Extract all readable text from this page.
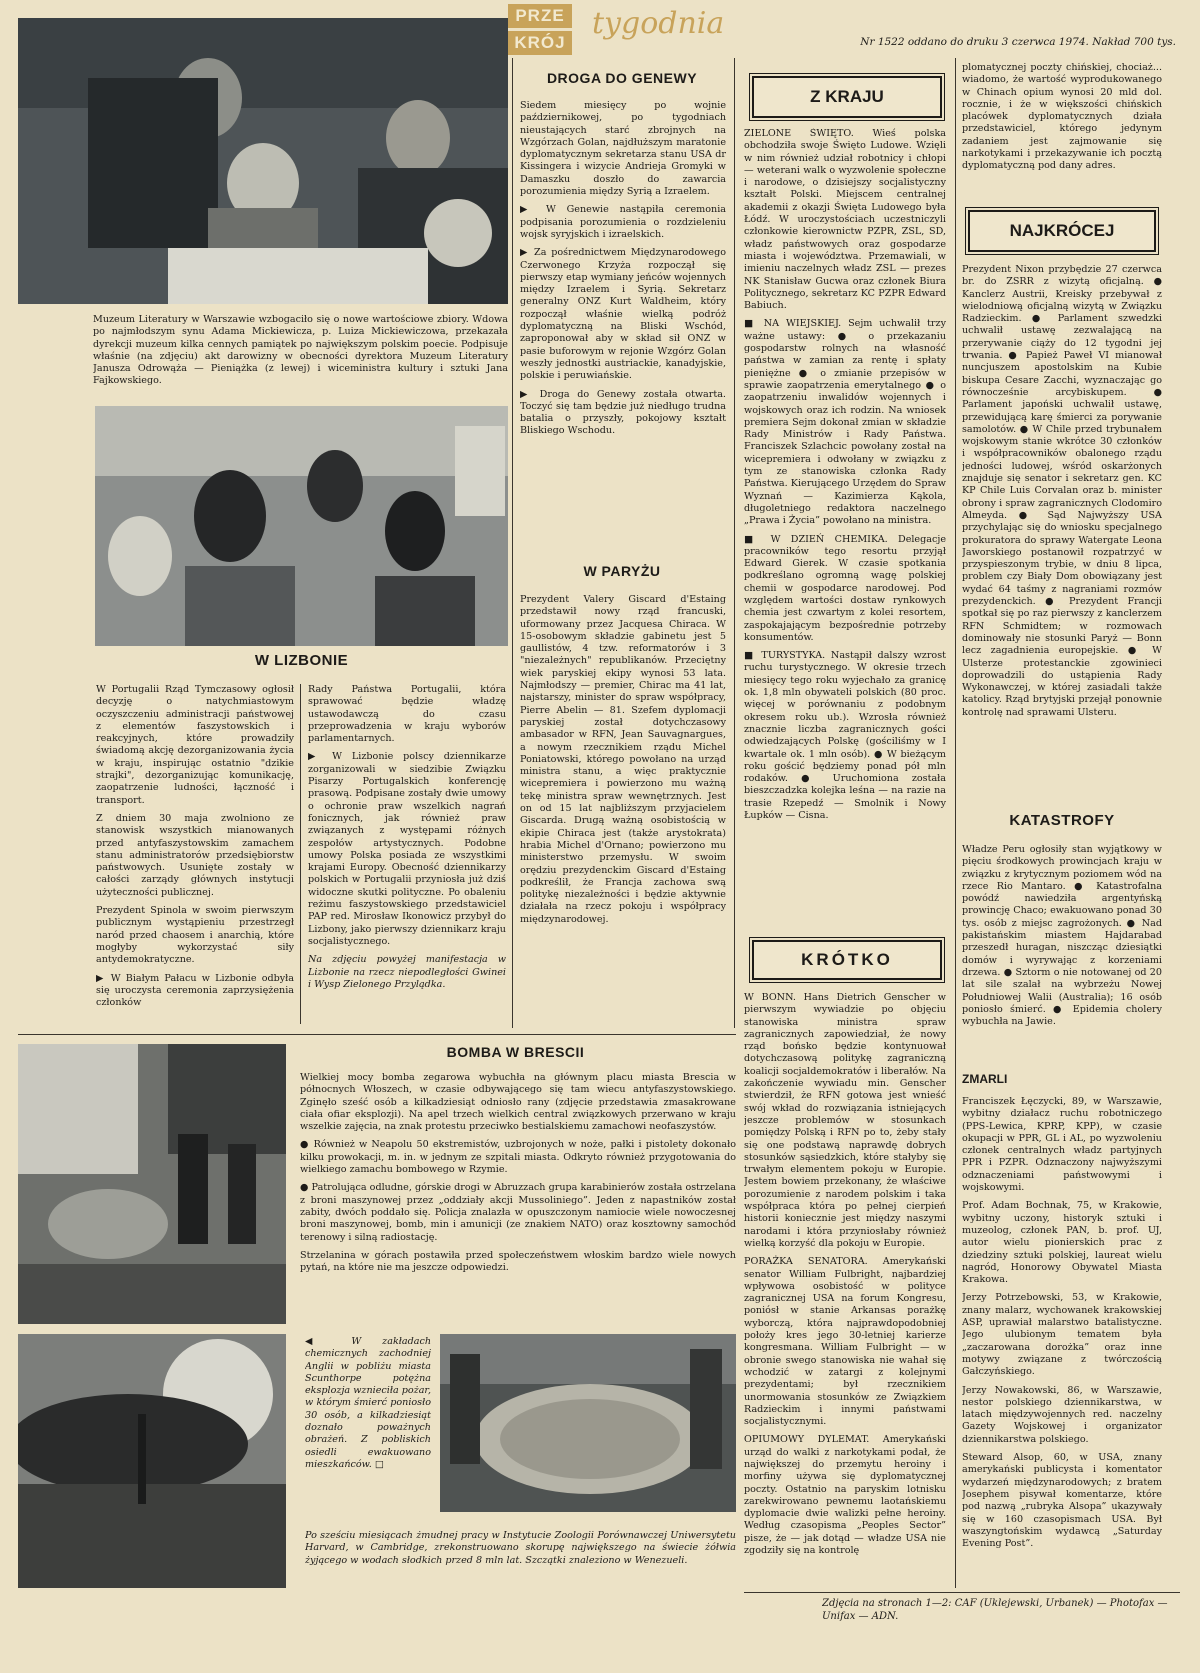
PRZE
KRÓJ
tygodnia
Nr 1522 oddano do druku 3 czerwca 1974. Nakład 700 tys.
Muzeum Literatury w Warszawie wzbogaciło się o nowe wartościowe zbiory. Wdowa po najmłodszym synu Adama Mickiewicza, p. Luiza Mickiewiczowa, przekazała dyrekcji muzeum kilka cennych pamiątek po największym polskim poecie. Podpisuje właśnie (na zdjęciu) akt darowizny w obecności dyrektora Muzeum Literatury Janusza Odrowąża — Pieniążka (z lewej) i wiceministra kultury i sztuki Jana Fajkowskiego.
W LIZBONIE

W Portugalii Rząd Tymczasowy ogłosił decyzję o natychmiastowym oczyszczeniu administracji państwowej z elementów faszystowskich i reakcyjnych, które prowadziły świadomą akcję dezorganizowania życia w kraju, inspirując ostatnio "dzikie strajki", dezorganizując komunikację, zaopatrzenie ludności, łączność i transport.

Z dniem 30 maja zwolniono ze stanowisk wszystkich mianowanych przed antyfaszystowskim zamachem stanu administratorów przedsiębiorstw państwowych. Usunięte zostały w całości zarządy głównych instytucji użyteczności publicznej.

Prezydent Spinola w swoim pierwszym publicznym wystąpieniu przestrzegł naród przed chaosem i anarchią, które mogłyby wykorzystać siły antydemokratyczne.

▶ W Białym Pałacu w Lizbonie odbyła się uroczysta ceremonia zaprzysiężenia członków

Rady Państwa Portugalii, która sprawować będzie władzę ustawodawczą do czasu przeprowadzenia w kraju wyborów parlamentarnych.

▶ W Lizbonie polscy dziennikarze zorganizowali w siedzibie Związku Pisarzy Portugalskich konferencję prasową. Podpisane zostały dwie umowy o ochronie praw wszelkich nagrań fonicznych, jak również praw związanych z występami różnych zespołów artystycznych. Podobne umowy Polska posiada ze wszystkimi krajami Europy. Obecność dziennikarzy polskich w Portugalii przyniosła już dziś widoczne skutki polityczne. Po obaleniu reżimu faszystowskiego przedstawiciel PAP red. Mirosław Ikonowicz przybył do Lizbony, jako pierwszy dziennikarz kraju socjalistycznego.

Na zdjęciu powyżej manifestacja w Lizbonie na rzecz niepodległości Gwinei i Wysp Zielonego Przylądka.

DROGA DO GENEWY

Siedem miesięcy po wojnie październikowej, po tygodniach nieustających starć zbrojnych na Wzgórzach Golan, najdłuższym maratonie dyplomatycznym sekretarza stanu USA dr Kissingera i wizycie Andrieja Gromyki w Damaszku doszło do zawarcia porozumienia między Syrią a Izraelem.

▶ W Genewie nastąpiła ceremonia podpisania porozumienia o rozdzieleniu wojsk syryjskich i izraelskich.

▶ Za pośrednictwem Międzynarodowego Czerwonego Krzyża rozpoczął się pierwszy etap wymiany jeńców wojennych między Izraelem i Syrią. Sekretarz generalny ONZ Kurt Waldheim, który rozpoczął właśnie wielką podróż dyplomatyczną na Bliski Wschód, zaproponował aby w skład sił ONZ w pasie buforowym w rejonie Wzgórz Golan weszły jednostki austriackie, kanadyjskie, polskie i peruwiańskie.

▶ Droga do Genewy została otwarta. Toczyć się tam będzie już niedługo trudna batalia o przyszły, pokojowy kształt Bliskiego Wschodu.

W PARYŻU
Prezydent Valery Giscard d'Estaing przedstawił nowy rząd francuski, uformowany przez Jacquesa Chiraca. W 15-osobowym składzie gabinetu jest 5 gaullistów, 4 tzw. reformatorów i 3 "niezależnych" republikanów. Przeciętny wiek paryskiej ekipy wynosi 53 lata. Najmłodszy — premier, Chirac ma 41 lat, najstarszy, minister do spraw współpracy, Pierre Abelin — 81. Szefem dyplomacji paryskiej został dotychczasowy ambasador w RFN, Jean Sauvagnargues, a nowym rzecznikiem rządu Michel Poniatowski, którego powołano na urząd ministra stanu, a więc praktycznie wicepremiera i powierzono mu ważną tekę ministra spraw wewnętrznych. Jest on od 15 lat najbliższym przyjacielem Giscarda. Drugą ważną osobistością w ekipie Chiraca jest (także arystokrata) hrabia Michel d'Ornano; powierzono mu ministerstwo przemysłu. W swoim orędziu prezydenckim Giscard d'Estaing podkreślił, że Francja zachowa swą politykę niezależności i będzie aktywnie działała na rzecz pokoju i współpracy międzynarodowej.
Z KRAJU

ZIELONE ŚWIĘTO. Wieś polska obchodziła swoje Święto Ludowe. Wzięli w nim również udział robotnicy i chłopi — weterani walk o wyzwolenie społeczne i narodowe, o dzisiejszy socjalistyczny kształt Polski. Miejscem centralnej akademii z okazji Święta Ludowego była Łódź. W uroczystościach uczestniczyli członkowie kierownictw PZPR, ZSL, SD, władz państwowych oraz gospodarze miasta i województwa. Przemawiali, w imieniu naczelnych władz ZSL — prezes NK Stanisław Gucwa oraz członek Biura Politycznego, sekretarz KC PZPR Edward Babiuch.

■ NA WIEJSKIEJ. Sejm uchwalił trzy ważne ustawy: ● o przekazaniu gospodarstw rolnych na własność państwa w zamian za rentę i spłaty pieniężne ● o zmianie przepisów w sprawie zaopatrzenia emerytalnego ● o zaopatrzeniu inwalidów wojennych i wojskowych oraz ich rodzin. Na wniosek premiera Sejm dokonał zmian w składzie Rady Ministrów i Rady Państwa. Franciszek Szlachcic powołany został na wicepremiera i odwołany w związku z tym ze stanowiska członka Rady Państwa. Kierującego Urzędem do Spraw Wyznań — Kazimierza Kąkola, długoletniego redaktora naczelnego „Prawa i Życia” powołano na ministra.

■ W DZIEŃ CHEMIKA. Delegacje pracowników tego resortu przyjął Edward Gierek. W czasie spotkania podkreślano ogromną wagę polskiej chemii w gospodarce narodowej. Pod względem wartości dostaw rynkowych chemia jest czwartym z kolei resortem, zaspokajającym bezpośrednie potrzeby konsumentów.

■ TURYSTYKA. Nastąpił dalszy wzrost ruchu turystycznego. W okresie trzech miesięcy tego roku wyjechało za granicę ok. 1,8 mln obywateli polskich (80 proc. więcej w porównaniu z podobnym okresem roku ub.). Wzrosła również znacznie liczba zagranicznych gości odwiedzających Polskę (gościliśmy w I kwartale ok. 1 mln osób). ● W bieżącym roku gościć będziemy ponad pół mln rodaków. ● Uruchomiona została bieszczadzka kolejka leśna — na razie na trasie Rzepedź — Smolnik i Nowy Łupków — Cisna.

KRÓTKO

W BONN. Hans Dietrich Genscher w pierwszym wywiadzie po objęciu stanowiska ministra spraw zagranicznych zapowiedział, że nowy rząd bońsko będzie kontynuował dotychczasową politykę zagraniczną koalicji socjaldemokratów i liberałów. Na zakończenie wywiadu min. Genscher stwierdził, że RFN gotowa jest wnieść swój wkład do rozwiązania istniejących jeszcze problemów w stosunkach pomiędzy Polską i RFN po to, żeby stały się one podstawą naprawdę dobrych stosunków sąsiedzkich, które stałyby się trwałym elementem pokoju w Europie. Jestem bowiem przekonany, że właściwe porozumienie z narodem polskim i taka współpraca która po pełnej cierpień historii koniecznie jest między naszymi narodami i która przyniosłaby również wielką korzyść dla pokoju w Europie.

PORAŻKA SENATORA. Amerykański senator William Fulbright, najbardziej wpływowa osobistość w polityce zagranicznej USA na forum Kongresu, poniósł w stanie Arkansas porażkę wyborczą, która najprawdopodobniej położy kres jego 30-letniej karierze kongresmana. William Fulbright — w obronie swego stanowiska nie wahał się wchodzić w zatargi z kolejnymi prezydentami; był rzecznikiem unormowania stosunków ze Związkiem Radzieckim i innymi państwami socjalistycznymi.

OPIUMOWY DYLEMAT. Amerykański urząd do walki z narkotykami podał, że największej do przemytu heroiny i morfiny używa się dyplomatycznej poczty. Ostatnio na paryskim lotnisku zarekwirowano pewnemu laotańskiemu dyplomacie dwie walizki pełne heroiny. Według czasopisma „Peoples Sector” pisze, że — jak dotąd — władze USA nie zgodziły się na kontrolę

plomatycznej poczty chińskiej, chociaż... wiadomo, że wartość wyprodukowanego w Chinach opium wynosi 20 mld dol. rocznie, i że w większości chińskich placówek dyplomatycznych działa przedstawiciel, którego jedynym zadaniem jest zajmowanie się narkotykami i przekazywanie ich pocztą dyplomatyczną pod dany adres.
NAJKRÓCEJ
Prezydent Nixon przybędzie 27 czerwca br. do ZSRR z wizytą oficjalną. ● Kanclerz Austrii, Kreisky przebywał z wielodniową oficjalną wizytą w Związku Radzieckim. ● Parlament szwedzki uchwalił ustawę zezwalającą na przerywanie ciąży do 12 tygodni jej trwania. ● Papież Paweł VI mianował nuncjuszem apostolskim na Kubie biskupa Cesare Zacchi, wyznaczając go równocześnie arcybiskupem. ● Parlament japoński uchwalił ustawę, przewidującą karę śmierci za porywanie samolotów. ● W Chile przed trybunałem wojskowym stanie wkrótce 30 członków i współpracowników obalonego rządu jedności ludowej, wśród oskarżonych znajduje się senator i sekretarz gen. KC KP Chile Luis Corvalan oraz b. minister obrony i spraw zagranicznych Clodomiro Almeyda. ● Sąd Najwyższy USA przychylając się do wniosku specjalnego prokuratora do sprawy Watergate Leona Jaworskiego postanowił rozpatrzyć w przyspieszonym trybie, w dniu 8 lipca, problem czy Biały Dom obowiązany jest wydać 64 taśmy z nagraniami rozmów prezydenckich. ● Prezydent Francji spotkał się po raz pierwszy z kanclerzem RFN Schmidtem; w rozmowach dominowały nie stosunki Paryż — Bonn lecz zagadnienia europejskie. ● W Ulsterze protestanckie zgowinieci doprowadzili do ustąpienia Rady Wykonawczej, w której zasiadali także katolicy. Rząd brytyjski przejął ponownie kontrolę nad sprawami Ulsteru.
KATASTROFY
Władze Peru ogłosiły stan wyjątkowy w pięciu środkowych prowincjach kraju w związku z krytycznym poziomem wód na rzece Rio Mantaro. ● Katastrofalna powódź nawiedziła argentyńską prowincję Chaco; ewakuowano ponad 30 tys. osób z miejsc zagrożonych. ● Nad pakistańskim miastem Hajdarabad przeszedł huragan, niszcząc dziesiątki domów i wyrywając z korzeniami drzewa. ● Sztorm o nie notowanej od 20 lat sile szalał na wybrzeżu Nowej Południowej Walii (Australia); 16 osób poniosło śmierć. ● Epidemia cholery wybuchła na Jawie.
ZMARLI

Franciszek Łęczycki, 89, w Warszawie, wybitny działacz ruchu robotniczego (PPS-Lewica, KPRP, KPP), w czasie okupacji w PPR, GL i AL, po wyzwoleniu członek centralnych władz partyjnych PPR i PZPR. Odznaczony najwyższymi odznaczeniami państwowymi i wojskowymi.

Prof. Adam Bochnak, 75, w Krakowie, wybitny uczony, historyk sztuki i muzeolog, członek PAN, b. prof. UJ, autor wielu pionierskich prac z dziedziny sztuki polskiej, laureat wielu nagród, Honorowy Obywatel Miasta Krakowa.

Jerzy Potrzebowski, 53, w Krakowie, znany malarz, wychowanek krakowskiej ASP, uprawiał malarstwo batalistyczne. Jego ulubionym tematem była „zaczarowana dorożka” oraz inne motywy związane z twórczością Gałczyńskiego.

Jerzy Nowakowski, 86, w Warszawie, nestor polskiego dziennikarstwa, w latach międzywojennych red. naczelny Gazety Wojskowej i organizator dziennikarstwa polskiego.

Steward Alsop, 60, w USA, znany amerykański publicysta i komentator wydarzeń międzynarodowych; z bratem Josephem pisywał komentarze, które pod nazwą „rubryka Alsopa” ukazywały się w 160 czasopismach USA. Był waszyngtońskim wydawcą „Saturday Evening Post”.

BOMBA W BRESCII

Wielkiej mocy bomba zegarowa wybuchła na głównym placu miasta Brescia w północnych Włoszech, w czasie odbywającego się tam wiecu antyfaszystowskiego. Zginęło sześć osób a kilkadziesiąt odniosło rany (zdjęcie przedstawia zmasakrowane ciała ofiar eksplozji). Na apel trzech wielkich central związkowych przerwano w kraju wszelkie zajęcia, na znak protestu przeciwko bestialskiemu zamachowi neofaszystów.

● Również w Neapolu 50 ekstremistów, uzbrojonych w noże, pałki i pistolety dokonało kilku prowokacji, m. in. w jednym ze szpitali miasta. Odkryto również przygotowania do wielkiego zamachu bombowego w Rzymie.

● Patrolująca odludne, górskie drogi w Abruzzach grupa karabinierów została ostrzelana z broni maszynowej przez „oddziały akcji Mussoliniego”. Jeden z napastników został zabity, dwóch poddało się. Policja znalazła w opuszczonym namiocie wiele nowoczesnej broni maszynowej, bomb, min i amunicji (ze znakiem NATO) oraz kosztowny samochód terenowy i silną radiostację.

Strzelanina w górach postawiła przed społeczeństwem włoskim bardzo wiele nowych pytań, na które nie ma jeszcze odpowiedzi.

◀ W zakładach chemicznych zachodniej Anglii w pobliżu miasta Scunthorpe potężna eksplozja wznieciła pożar, w którym śmierć poniosło 30 osób, a kilkadziesiąt doznało poważnych obrażeń. Z pobliskich osiedli ewakuowano mieszkańców. □
Po sześciu miesiącach żmudnej pracy w Instytucie Zoologii Porównawczej Uniwersytetu Harvard, w Cambridge, zrekonstruowano skorupę największego na świecie żółwia żyjącego w wodach słodkich przed 8 mln lat. Szczątki znaleziono w Wenezueli.
Zdjęcia na stronach 1—2: CAF (Uklejewski, Urbanek) — Photofax — Unifax — ADN.
